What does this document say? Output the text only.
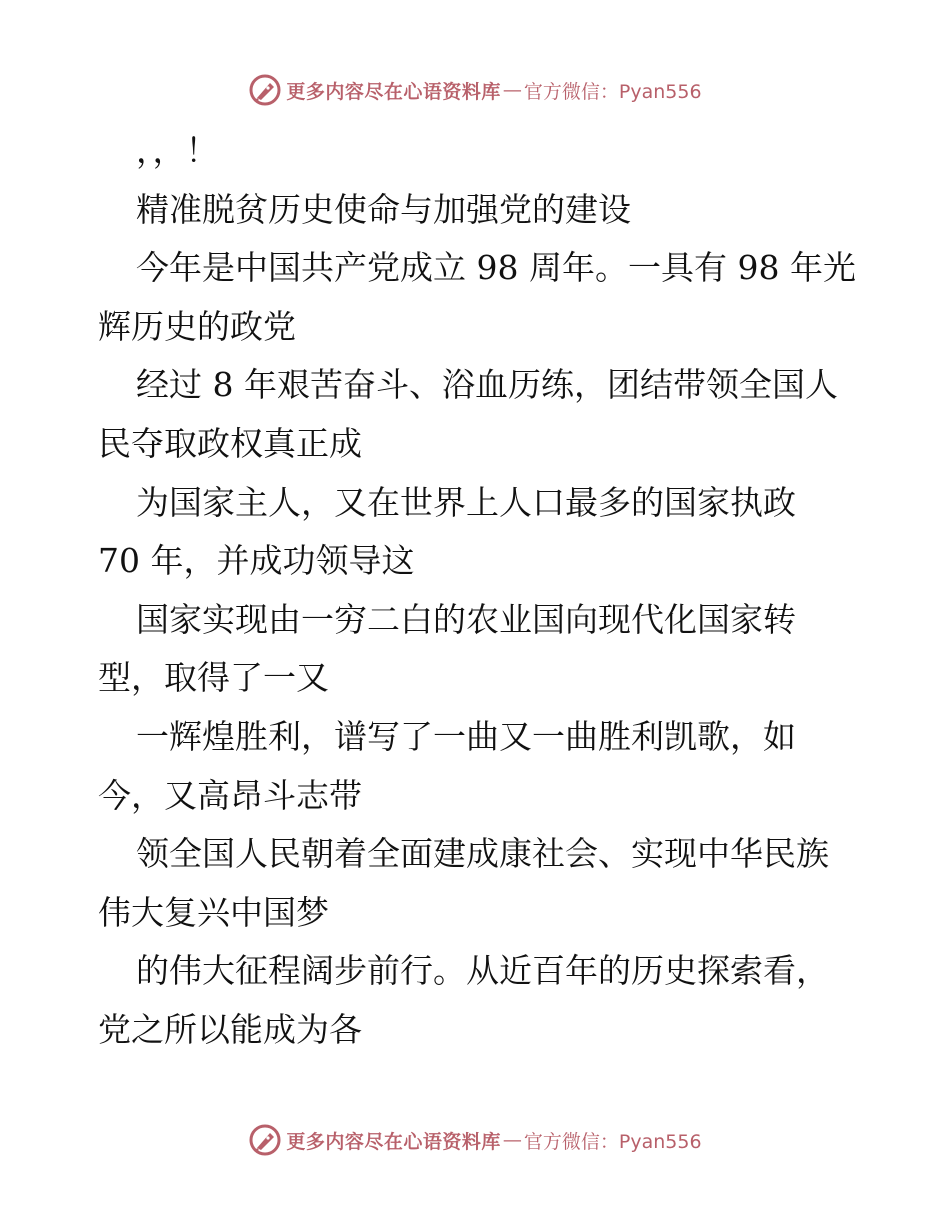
更多内容尽在心语资料库 — 官方微信：Pyan556
，，！
精准脱贫历史使命与加强党的建设
今年是中国共产党成立 98 周年。一具有 98 年光
辉历史的政党
经过 8 年艰苦奋斗、浴血历练，团结带领全国人
民夺取政权真正成
为国家主人，又在世界上人口最多的国家执政
70 年，并成功领导这
国家实现由一穷二白的农业国向现代化国家转
型，取得了一又
一辉煌胜利，谱写了一曲又一曲胜利凯歌，如
今，又高昂斗志带
领全国人民朝着全面建成康社会、实现中华民族
伟大复兴中国梦
的伟大征程阔步前行。从近百年的历史探索看，
党之所以能成为各
更多内容尽在心语资料库 — 官方微信：Pyan556
